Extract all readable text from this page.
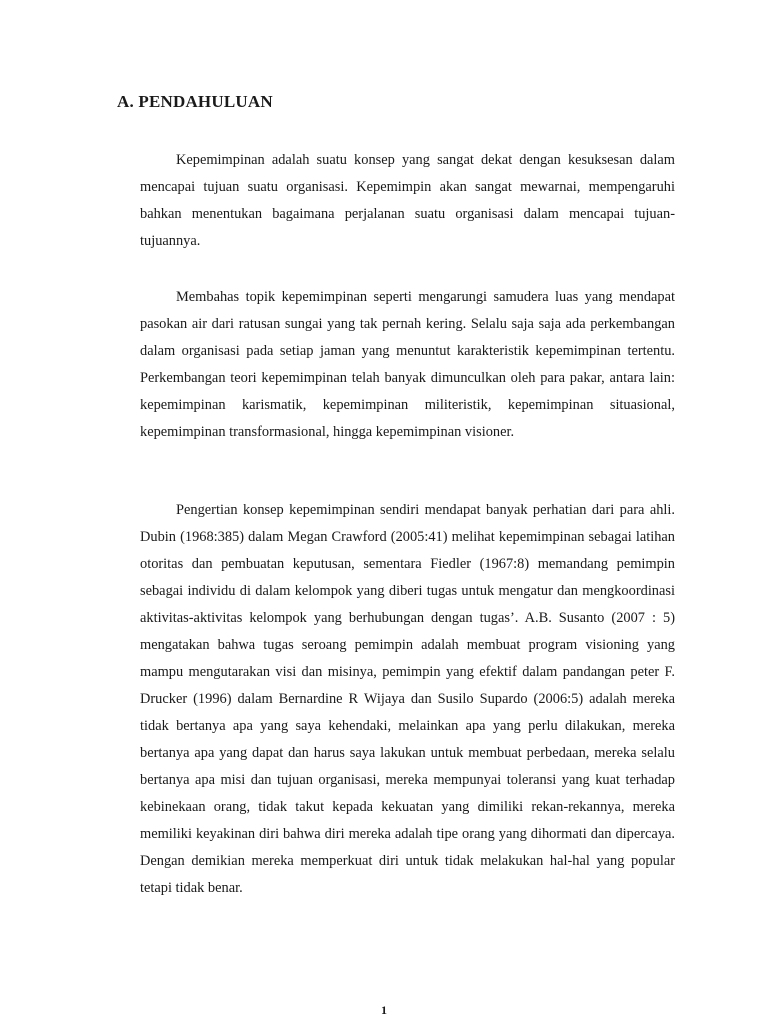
A. PENDAHULUAN

Kepemimpinan adalah suatu konsep yang sangat dekat dengan kesuksesan dalam mencapai tujuan suatu organisasi. Kepemimpin akan sangat mewarnai, mempengaruhi bahkan menentukan bagaimana perjalanan suatu organisasi dalam mencapai tujuan-tujuannya.

Membahas topik kepemimpinan seperti mengarungi samudera luas yang mendapat pasokan air dari ratusan sungai yang tak pernah kering. Selalu saja saja ada perkembangan dalam organisasi pada setiap jaman yang menuntut karakteristik kepemimpinan tertentu. Perkembangan teori kepemimpinan telah banyak dimunculkan oleh para pakar, antara lain: kepemimpinan karismatik, kepemimpinan militeristik, kepemimpinan situasional, kepemimpinan transformasional, hingga kepemimpinan visioner.

Pengertian konsep kepemimpinan sendiri mendapat banyak perhatian dari para ahli. Dubin (1968:385) dalam Megan Crawford (2005:41) melihat kepemimpinan sebagai latihan otoritas dan pembuatan keputusan, sementara Fiedler (1967:8) memandang pemimpin sebagai individu di dalam kelompok yang diberi tugas untuk mengatur dan mengkoordinasi aktivitas-aktivitas kelompok yang berhubungan dengan tugas’. A.B. Susanto (2007 : 5) mengatakan bahwa tugas seroang pemimpin adalah membuat program visioning yang mampu mengutarakan visi dan misinya, pemimpin yang efektif dalam pandangan peter F. Drucker (1996) dalam Bernardine R Wijaya dan Susilo Supardo (2006:5) adalah mereka tidak bertanya apa yang saya kehendaki, melainkan apa yang perlu dilakukan, mereka bertanya apa yang dapat dan harus saya lakukan untuk membuat perbedaan, mereka selalu bertanya apa misi dan tujuan organisasi, mereka mempunyai toleransi yang kuat terhadap kebinekaan orang, tidak takut kepada kekuatan yang dimiliki rekan-rekannya, mereka memiliki keyakinan diri bahwa diri mereka adalah tipe orang yang dihormati dan dipercaya. Dengan demikian mereka memperkuat diri untuk tidak melakukan hal-hal yang popular tetapi tidak benar.

1
